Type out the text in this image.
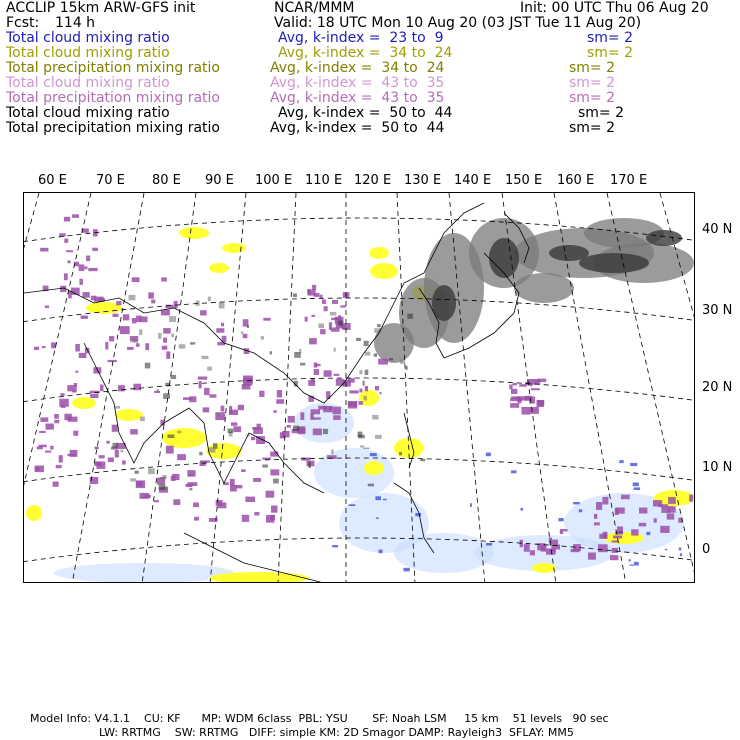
ACCLIP 15km ARW-GFS init	NCAR/MMM	Init: 00 UTC Thu 06 Aug 20
Fcst: 114 h	Valid: 18 UTC Mon 10 Aug 20 (03 JST Tue 11 Aug 20)
Total cloud mixing ratio	Avg, k-index =  23 to  9	sm= 2
Total cloud mixing ratio	Avg, k-index =  34 to  24	sm= 2
Total precipitation mixing ratio	Avg, k-index =  34 to  24	sm= 2
Total cloud mixing ratio	Avg, k-index =  43 to  35	sm= 2
Total precipitation mixing ratio	Avg, k-index =  43 to  35	sm= 2
Total cloud mixing ratio	Avg, k-index =  50 to  44	sm= 2
Total precipitation mixing ratio	Avg, k-index =  50 to  44	sm= 2
60 E 70 E 80 E 90 E 100 E 110 E 120 E 130 E 140 E 150 E 160 E 170 E
40 N
30 N
20 N
10 N
0
Model Info: V4.1.1    CU: KF      MP: WDM 6class  PBL: YSU       SF: Noah LSM     15 km    51 levels   90 sec
LW: RRTMG    SW: RRTMG   DIFF: simple KM: 2D Smagor DAMP: Rayleigh3  SFLAY: MM5
